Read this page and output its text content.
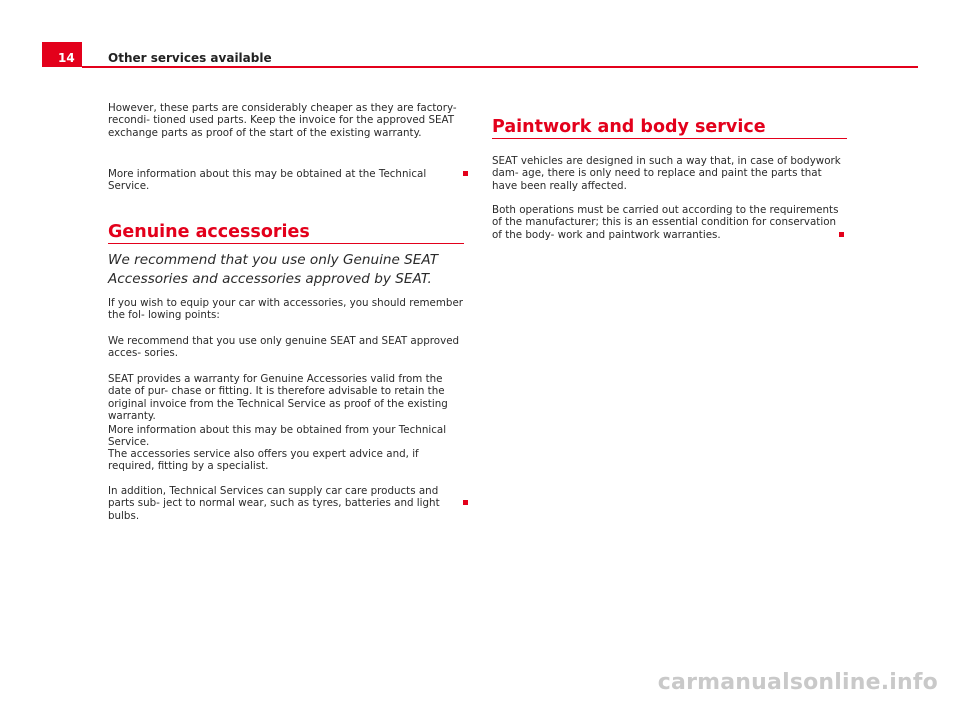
14	Other services available

However, these parts are considerably cheaper as they are factory-recondi- tioned used parts. Keep the invoice for the approved SEAT exchange parts as proof of the start of the existing warranty.

More information about this may be obtained at the Technical Service.

Genuine accessories

We recommend that you use only Genuine SEAT Accessories and accessories approved by SEAT.

If you wish to equip your car with accessories, you should remember the fol- lowing points:

We recommend that you use only genuine SEAT and SEAT approved acces- sories.

SEAT provides a warranty for Genuine Accessories valid from the date of pur- chase or fitting. It is therefore advisable to retain the original invoice from the Technical Service as proof of the existing warranty.

More information about this may be obtained from your Technical Service.

The accessories service also offers you expert advice and, if required, fitting by a specialist.

In addition, Technical Services can supply car care products and parts sub- ject to normal wear, such as tyres, batteries and light bulbs.

Paintwork and body service

SEAT vehicles are designed in such a way that, in case of bodywork dam- age, there is only need to replace and paint the parts that have been really affected.

Both operations must be carried out according to the requirements of the manufacturer; this is an essential condition for conservation of the body- work and paintwork warranties.

carmanualsonline.info
